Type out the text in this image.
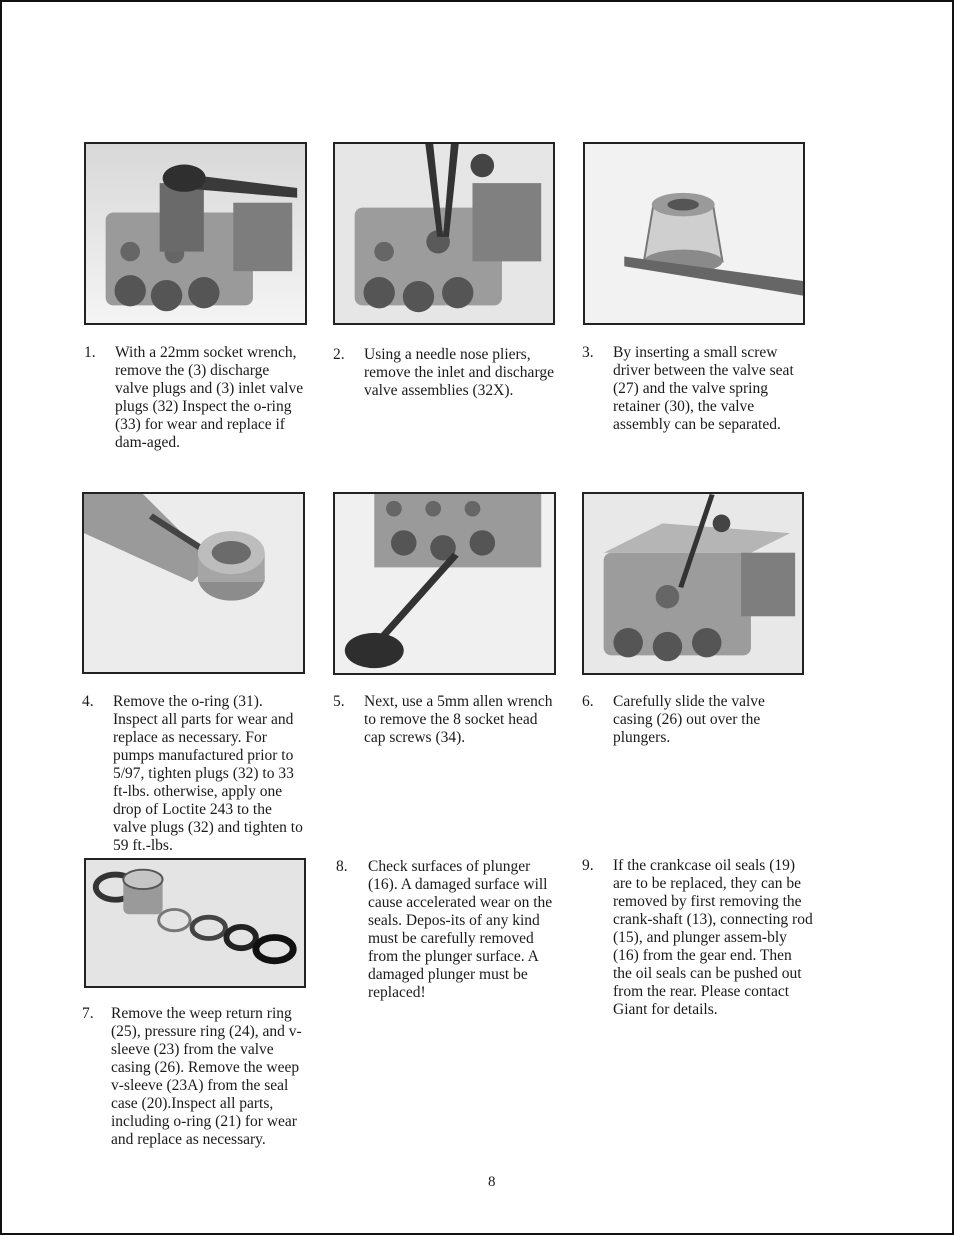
1.	With a 22mm socket wrench, remove the (3) discharge valve plugs and (3) inlet valve plugs (32) Inspect the o-ring (33) for wear and replace if dam-aged.
2.	Using a needle nose pliers, remove the inlet and discharge valve assemblies (32X).
3.	By inserting a small screw driver between the valve seat (27) and the valve spring retainer (30), the valve assembly can be separated.
4.	Remove the o-ring (31). Inspect all parts for wear and replace as necessary. For pumps manufactured prior to 5/97, tighten plugs (32) to 33 ft-lbs. otherwise, apply one drop of Loctite 243 to the valve plugs (32) and tighten to 59 ft.-lbs.
5.	Next, use a 5mm allen wrench to remove the 8 socket head cap screws (34).
6.	Carefully slide the valve casing (26) out over the plungers.
7.	Remove the weep return ring (25), pressure ring (24), and v-sleeve (23) from the valve casing (26). Remove the weep v-sleeve (23A) from the seal case (20).Inspect all parts, including o-ring (21) for wear and replace as necessary.
8.	Check surfaces of plunger (16). A damaged surface will cause accelerated wear on the seals. Depos-its of any kind must be carefully removed from the plunger surface. A damaged plunger must be replaced!
9.	If the crankcase oil seals (19) are to be replaced, they can be removed by first removing the crank-shaft (13), connecting rod (15), and plunger assem-bly (16) from the gear end. Then the oil seals can be pushed out from the rear. Please contact Giant for details.
8
